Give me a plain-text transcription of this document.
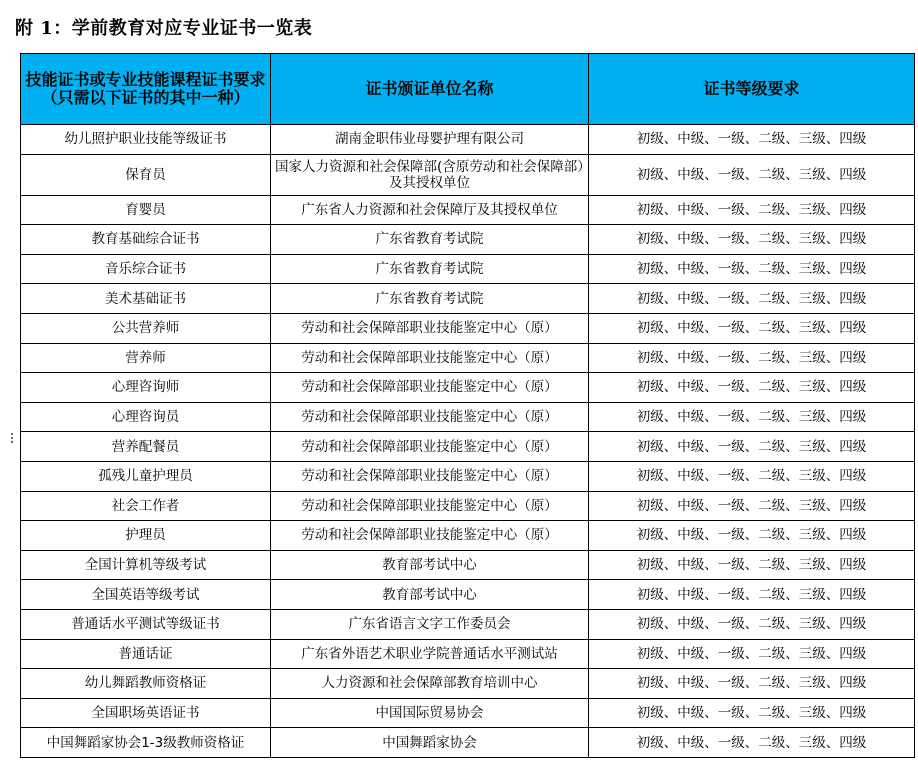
附 1：学前教育对应专业证书一览表
技能证书或专业技能课程证书要求（只需以下证书的其中一种）	证书颁证单位名称	证书等级要求
幼儿照护职业技能等级证书	湖南金职伟业母婴护理有限公司	初级、中级、一级、二级、三级、四级
保育员	国家人力资源和社会保障部(含原劳动和社会保障部）及其授权单位	初级、中级、一级、二级、三级、四级
育婴员	广东省人力资源和社会保障厅及其授权单位	初级、中级、一级、二级、三级、四级
教育基础综合证书	广东省教育考试院	初级、中级、一级、二级、三级、四级
音乐综合证书	广东省教育考试院	初级、中级、一级、二级、三级、四级
美术基础证书	广东省教育考试院	初级、中级、一级、二级、三级、四级
公共营养师	劳动和社会保障部职业技能鉴定中心（原）	初级、中级、一级、二级、三级、四级
营养师	劳动和社会保障部职业技能鉴定中心（原）	初级、中级、一级、二级、三级、四级
心理咨询师	劳动和社会保障部职业技能鉴定中心（原）	初级、中级、一级、二级、三级、四级
心理咨询员	劳动和社会保障部职业技能鉴定中心（原）	初级、中级、一级、二级、三级、四级
营养配餐员	劳动和社会保障部职业技能鉴定中心（原）	初级、中级、一级、二级、三级、四级
孤残儿童护理员	劳动和社会保障部职业技能鉴定中心（原）	初级、中级、一级、二级、三级、四级
社会工作者	劳动和社会保障部职业技能鉴定中心（原）	初级、中级、一级、二级、三级、四级
护理员	劳动和社会保障部职业技能鉴定中心（原）	初级、中级、一级、二级、三级、四级
全国计算机等级考试	教育部考试中心	初级、中级、一级、二级、三级、四级
全国英语等级考试	教育部考试中心	初级、中级、一级、二级、三级、四级
普通话水平测试等级证书	广东省语言文字工作委员会	初级、中级、一级、二级、三级、四级
普通话证	广东省外语艺术职业学院普通话水平测试站	初级、中级、一级、二级、三级、四级
幼儿舞蹈教师资格证	人力资源和社会保障部教育培训中心	初级、中级、一级、二级、三级、四级
全国职场英语证书	中国国际贸易协会	初级、中级、一级、二级、三级、四级
中国舞蹈家协会1-3级教师资格证	中国舞蹈家协会	初级、中级、一级、二级、三级、四级
